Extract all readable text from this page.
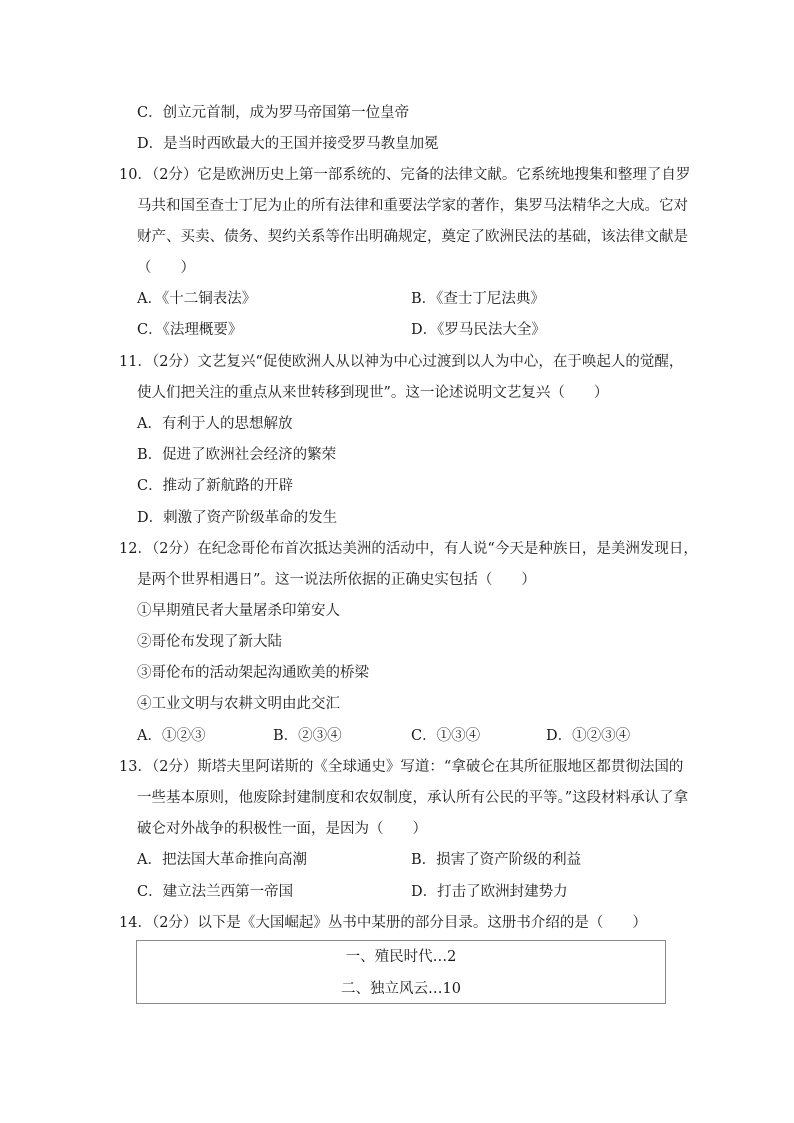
C．创立元首制，成为罗马帝国第一位皇帝
D．是当时西欧最大的王国并接受罗马教皇加冕
10．（2分）它是欧洲历史上第一部系统的、完备的法律文献。它系统地搜集和整理了自罗
马共和国至查士丁尼为止的所有法律和重要法学家的著作，集罗马法精华之大成。它对
财产、买卖、债务、契约关系等作出明确规定，奠定了欧洲民法的基础，该法律文献是
（　　）
A．《十二铜表法》	B．《查士丁尼法典》
C．《法理概要》	D．《罗马民法大全》
11．（2分）文艺复兴“促使欧洲人从以神为中心过渡到以人为中心，在于唤起人的觉醒，
使人们把关注的重点从来世转移到现世”。这一论述说明文艺复兴（　　）
A．有利于人的思想解放
B．促进了欧洲社会经济的繁荣
C．推动了新航路的开辟
D．刺激了资产阶级革命的发生
12．（2分）在纪念哥伦布首次抵达美洲的活动中，有人说“今天是种族日，是美洲发现日，
是两个世界相遇日”。这一说法所依据的正确史实包括（　　）
①早期殖民者大量屠杀印第安人
②哥伦布发现了新大陆
③哥伦布的活动架起沟通欧美的桥梁
④工业文明与农耕文明由此交汇
A．①②③	B．②③④	C．①③④	D．①②③④
13．（2分）斯塔夫里阿诺斯的《全球通史》写道：“拿破仑在其所征服地区都贯彻法国的
一些基本原则，他废除封建制度和农奴制度，承认所有公民的平等。”这段材料承认了拿
破仑对外战争的积极性一面，是因为（　　）
A．把法国大革命推向高潮	B．损害了资产阶级的利益
C．建立法兰西第一帝国	D．打击了欧洲封建势力
14．（2分）以下是《大国崛起》丛书中某册的部分目录。这册书介绍的是（　　）
一、殖民时代…2
二、独立风云…10
